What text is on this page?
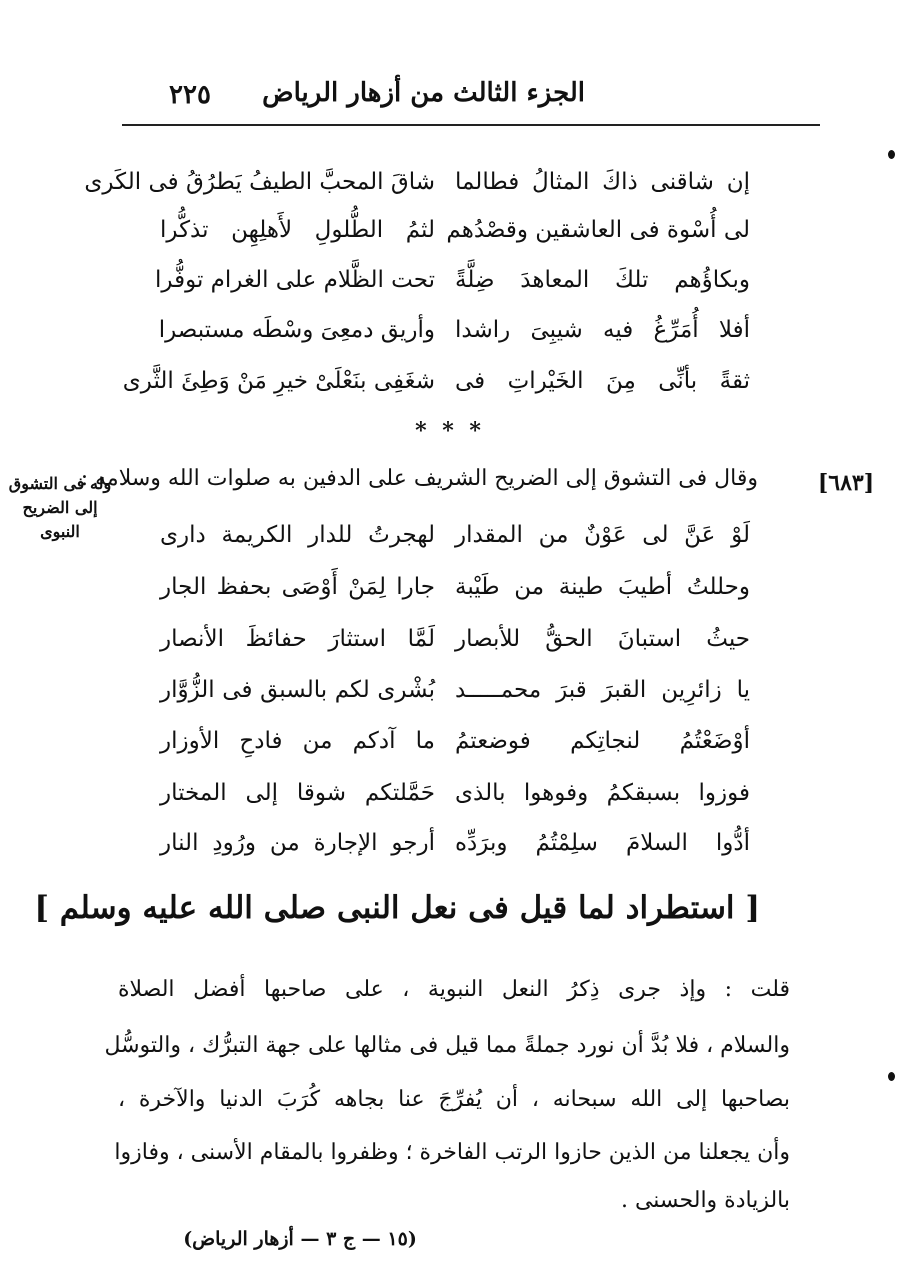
الجزء الثالث من أزهار الرياض
٢٢٥
إن شاقنى ذاكَ المثالُ فطالما
شاقَ المحبَّ الطيفُ يَطرُقُ فى الكَرى
لى أُسْوة فى العاشقين وقصْدُهم
لثمُ الطُّلولِ لأَهلِهِن تذكُّرا
وبكاؤُهم تلكَ المعاهدَ ضِلَّةً
تحت الظَّلام على الغرام توفُّرا
أفلا أُمَرِّغُ فيه شيبِىَ راشدا
وأريق دمعِىَ وسْطَه مستبصرا
ثقةً بأنِّى مِنَ الخَيْراتِ فى
شغَفِى بنَعْلَىْ خيرِ مَنْ وَطِئَ الثَّرى
* * *
[٦٨٣]
وقال فى التشوق إلى الضريح الشريف على الدفين به صلوات الله وسلامه :
وله فى التشوق إلى الضريح النبوى	لَوْ عَنَّ لى عَوْنٌ من المقدار
لهجرتُ للدار الكريمة دارى
وحللتُ أطيبَ طينة من طَيْبة
جارا لِمَنْ أَوْصَى بحفظ الجار
حيثُ استبانَ الحقُّ للأبصار
لَمَّا استثارَ حفائظَ الأنصار
يا زائرِين القبرَ قبرَ محمـــــد
بُشْرى لكم بالسبق فى الزُّوَّار
أوْضَعْتُمُ لنجاتِكم فوضعتمُ
ما آدكم من فادحِ الأوزار
فوزوا بسبقكمُ وفوهوا بالذى
حَمَّلتكم شوقا إلى المختار
أدُّوا السلامَ سلِمْتُمُ وبرَدِّه
أرجو الإجارة من ورُودِ النار
[ استطراد لما قيل فى نعل النبى صلى الله عليه وسلم ]
قلت : وإذ جرى ذِكرُ النعل النبوية ، على صاحبها أفضل الصلاة
والسلام ، فلا بُدَّ أن نورد جملةً مما قيل فى مثالها على جهة التبرُّك ، والتوسُّل
بصاحبها إلى الله سبحانه ، أن يُفرِّجَ عنا بجاهه كُرَبَ الدنيا والآخرة ،
وأن يجعلنا من الذين حازوا الرتب الفاخرة ؛ وظفروا بالمقام الأسنى ، وفازوا
بالزيادة والحسنى .
(١٥ — ج ٣ — أزهار الرياض)
